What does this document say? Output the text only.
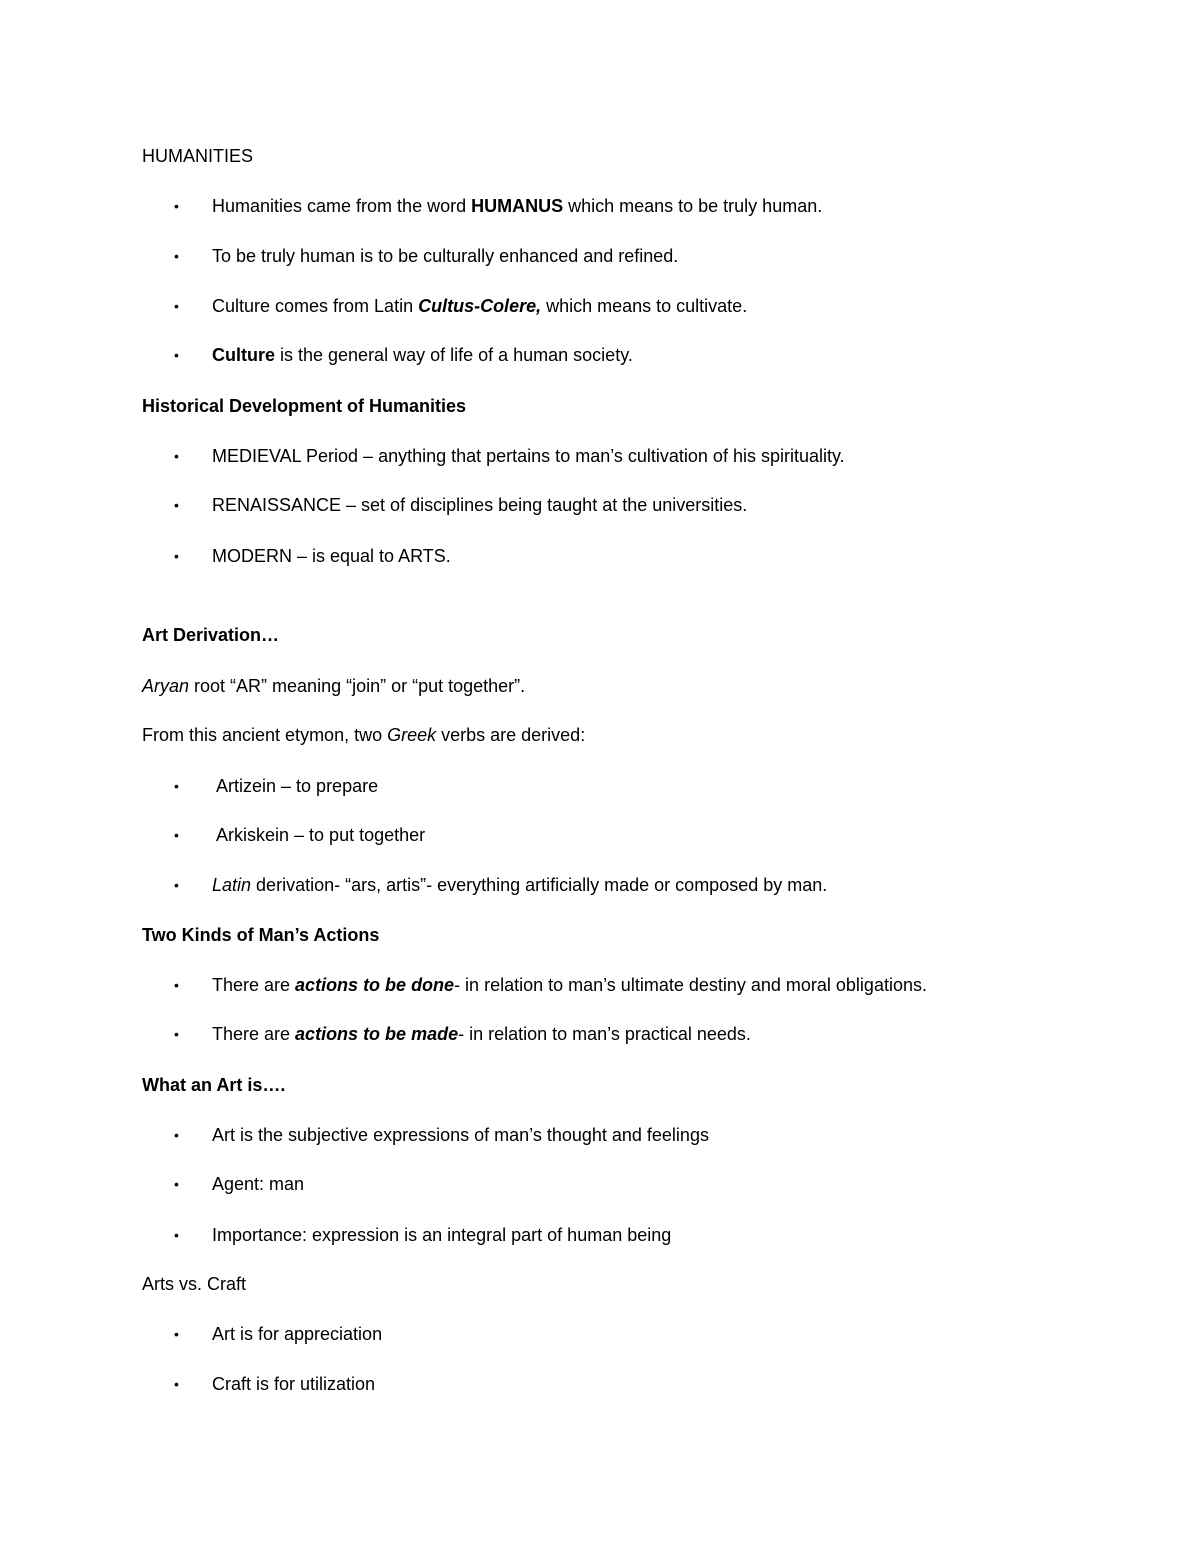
HUMANITIES
• Humanities came from the word HUMANUS which means to be truly human.
• To be truly human is to be culturally enhanced and refined.
• Culture comes from Latin Cultus-Colere, which means to cultivate.
• Culture is the general way of life of a human society.
Historical Development of Humanities
• MEDIEVAL Period – anything that pertains to man’s cultivation of his spirituality.
• RENAISSANCE – set of disciplines being taught at the universities.
• MODERN – is equal to ARTS.
Art Derivation…
Aryan root “AR” meaning “join” or “put together”.
From this ancient etymon, two Greek verbs are derived:
• Artizein – to prepare
• Arkiskein – to put together
• Latin derivation- “ars, artis”- everything artificially made or composed by man.
Two Kinds of Man’s Actions
• There are actions to be done- in relation to man’s ultimate destiny and moral obligations.
• There are actions to be made- in relation to man’s practical needs.
What an Art is….
• Art is the subjective expressions of man’s thought and feelings
• Agent: man
• Importance: expression is an integral part of human being
Arts vs. Craft
• Art is for appreciation
• Craft is for utilization
